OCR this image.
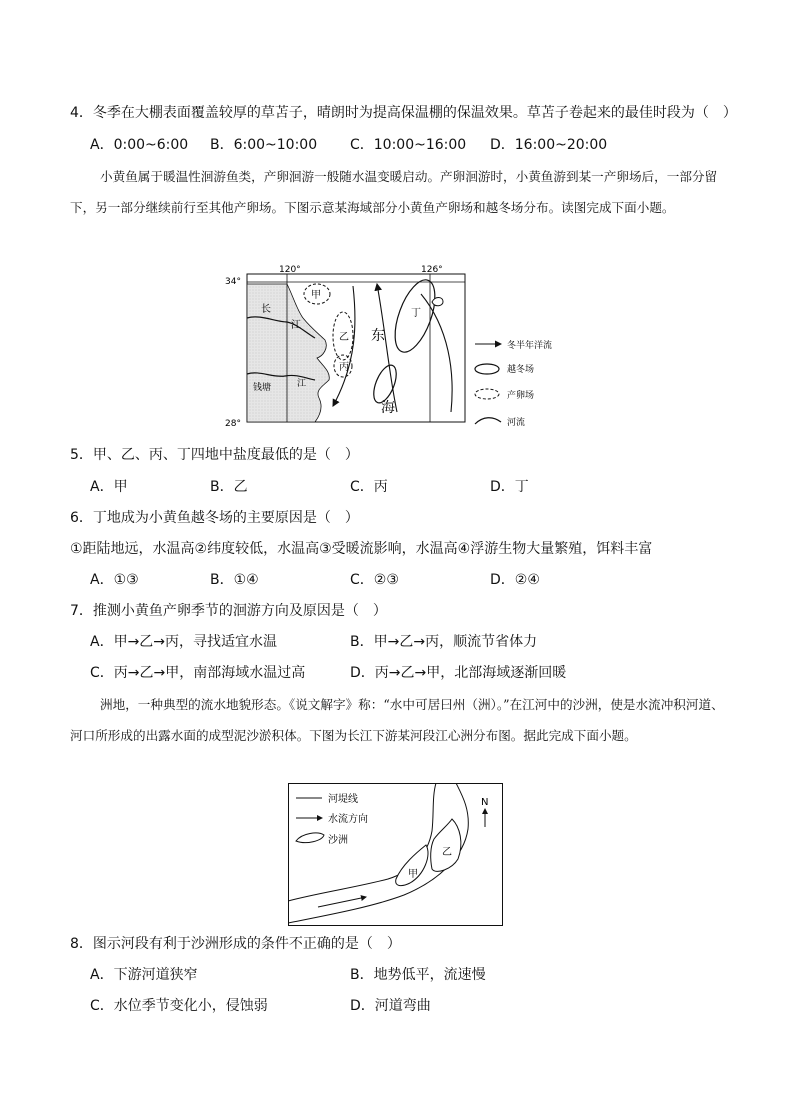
4．冬季在大棚表面覆盖较厚的草苫子，晴朗时为提高保温棚的保温效果。草苫子卷起来的最佳时段为（　）
A．0:00~6:00 B．6:00~10:00 C．10:00~16:00 D．16:00~20:00

小黄鱼属于暖温性洄游鱼类，产卵洄游一般随水温变暖启动。产卵洄游时，小黄鱼游到某一产卵场后，一部分留下，另一部分继续前行至其他产卵场。下图示意某海域部分小黄鱼产卵场和越冬场分布。读图完成下面小题。

34°
28°
120°	126°
长
江
钱塘	江
东
海
甲
乙
丙
丁
冬半年洋流
越冬场
产卵场
河流
5．甲、乙、丙、丁四地中盐度最低的是（　）
A．甲	B．乙	C．丙	D．丁
6．丁地成为小黄鱼越冬场的主要原因是（　）
①距陆地远，水温高②纬度较低，水温高③受暖流影响，水温高④浮游生物大量繁殖，饵料丰富
A．①③	B．①④	C．②③	D．②④
7．推测小黄鱼产卵季节的洄游方向及原因是（　）
A．甲→乙→丙，寻找适宜水温	B．甲→乙→丙，顺流节省体力
C．丙→乙→甲，南部海域水温过高	D．丙→乙→甲，北部海域逐渐回暖

洲地，一种典型的流水地貌形态。《说文解字》称：“水中可居曰州（洲）。”在江河中的沙洲，使是水流冲积河道、河口所形成的出露水面的成型泥沙淤积体。下图为长江下游某河段江心洲分布图。据此完成下面小题。

河堤线
水流方向
沙洲
N
甲
乙
8．图示河段有利于沙洲形成的条件不正确的是（　）
A．下游河道狭窄	B．地势低平，流速慢
C．水位季节变化小，侵蚀弱	D．河道弯曲
